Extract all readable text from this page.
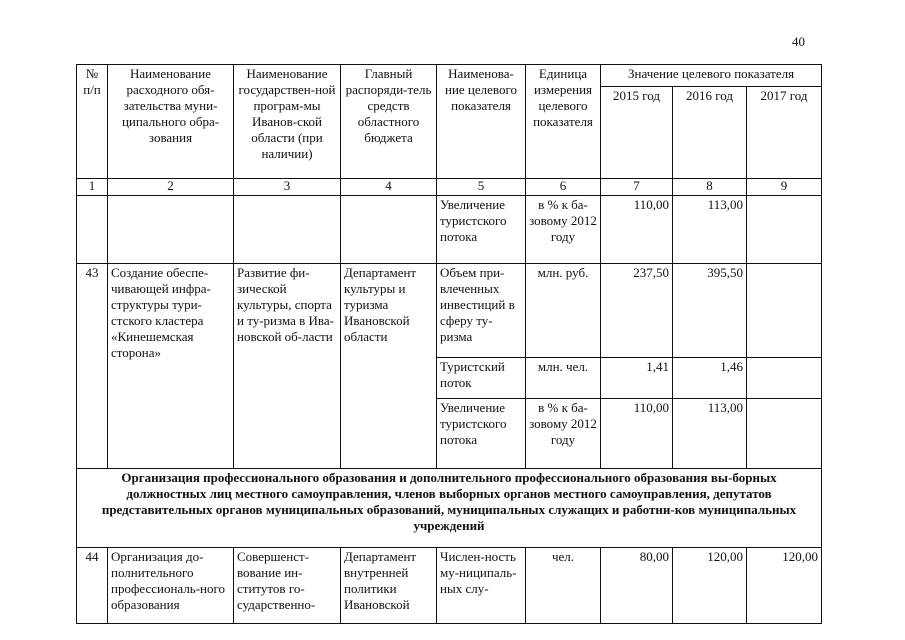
40
№ п/п	Наименование расходного обя-зательства муни-ципального обра-зования	Наименование государствен-ной програм-мы Иванов-ской области (при наличии)	Главный распоряди-тель средств областного бюджета	Наименова-ние целевого показателя	Единица измерения целевого показателя	Значение целевого показателя		
						2015 год	2016 год	2017 год
1	2	3	4	5	6	7	8	9
				Увеличение туристского потока	в % к ба-зовому 2012 году	110,00	113,00	
43	Создание обеспе-чивающей инфра-структуры тури-стского кластера «Кинешемская сторона»	Развитие фи-зической культуры, спорта и ту-ризма в Ива-новской об-ласти	Департамент культуры и туризма Ивановской области	Объем при-влеченных инвестиций в сферу ту-ризма	млн. руб.	237,50	395,50	
				Туристский поток	млн. чел.	1,41	1,46	
				Увеличение туристского потока	в % к ба-зовому 2012 году	110,00	113,00	
Организация профессионального образования и дополнительного профессионального образования вы-борных должностных лиц местного самоуправления, членов выборных органов местного самоуправления, депутатов представительных органов муниципальных образований, муниципальных служащих и работни-ков муниципальных учреждений								
44	Организация до-полнительного профессиональ-ного образования	Совершенст-вование ин-ститутов го-сударственно-	Департамент внутренней политики Ивановской	Числен-ность му-ниципаль-ных слу-	чел.	80,00	120,00	120,00
